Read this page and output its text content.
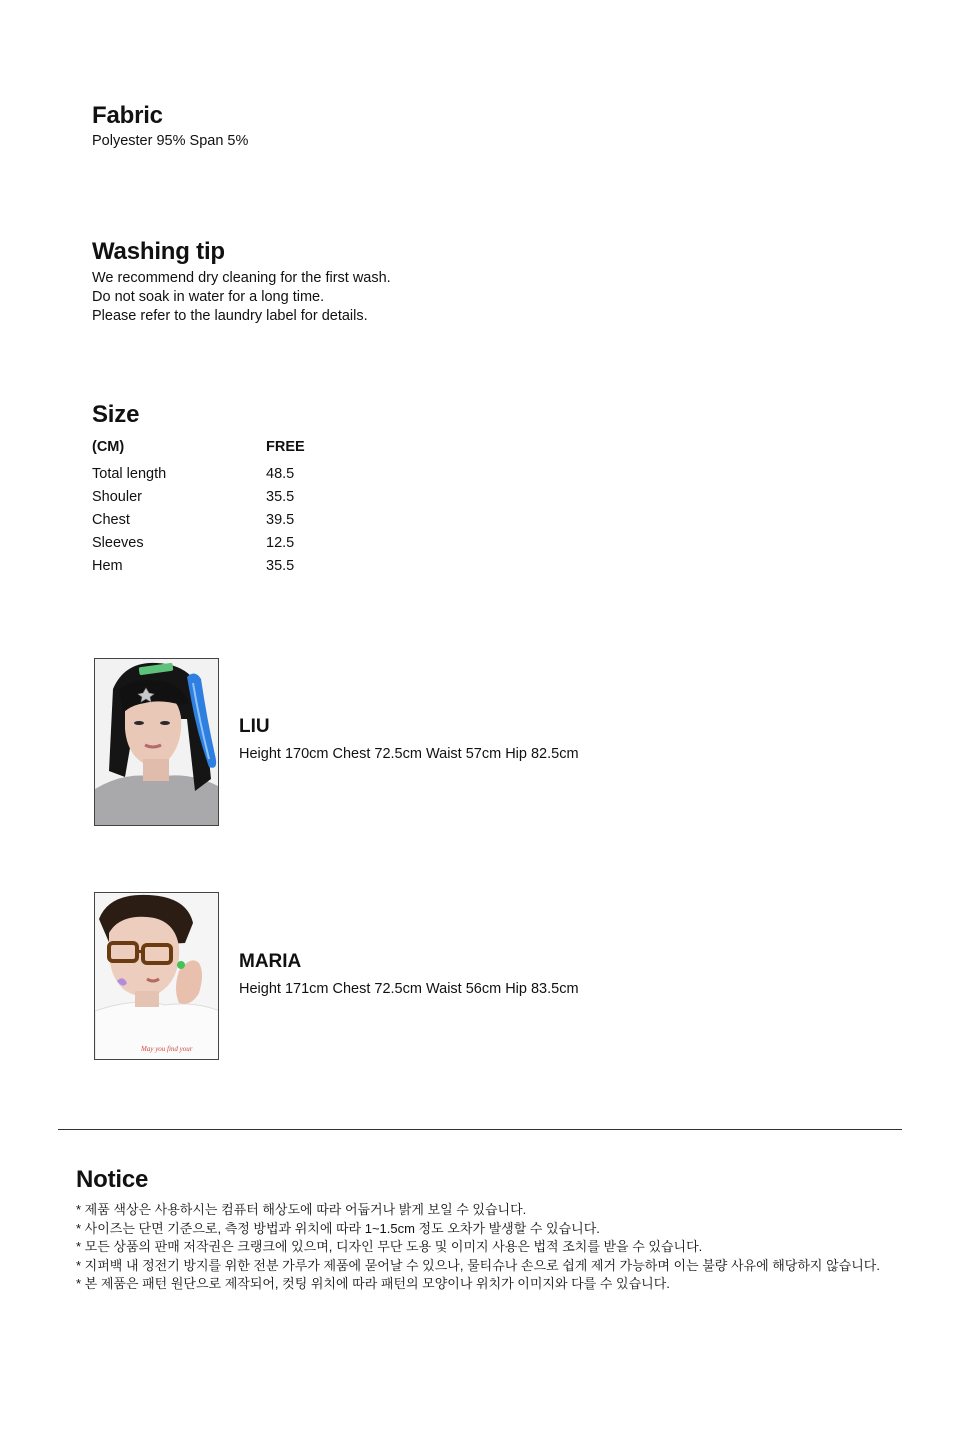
Fabric
Polyester 95% Span 5%
Washing tip
We recommend dry cleaning for the first wash.
Do not soak in water for a long time.
Please refer to the laundry label for details.
Size
(CM)	FREE
Total length	48.5
Shouler	35.5
Chest	39.5
Sleeves	12.5
Hem	35.5
LIU
Height 170cm Chest 72.5cm Waist 57cm Hip 82.5cm
May you find your
MARIA
Height 171cm Chest 72.5cm Waist 56cm Hip 83.5cm
Notice
* 제품 색상은 사용하시는 컴퓨터 해상도에 따라 어둡거나 밝게 보일 수 있습니다.
* 사이즈는 단면 기준으로, 측정 방법과 위치에 따라 1~1.5cm 정도 오차가 발생할 수 있습니다.
* 모든 상품의 판매 저작권은 크랭크에 있으며, 디자인 무단 도용 및 이미지 사용은 법적 조치를 받을 수 있습니다.
* 지퍼백 내 정전기 방지를 위한 전분 가루가 제품에 묻어날 수 있으나, 물티슈나 손으로 쉽게 제거 가능하며 이는 불량 사유에 해당하지 않습니다.
* 본 제품은 패턴 원단으로 제작되어, 컷팅 위치에 따라 패턴의 모양이나 위치가 이미지와 다를 수 있습니다.
